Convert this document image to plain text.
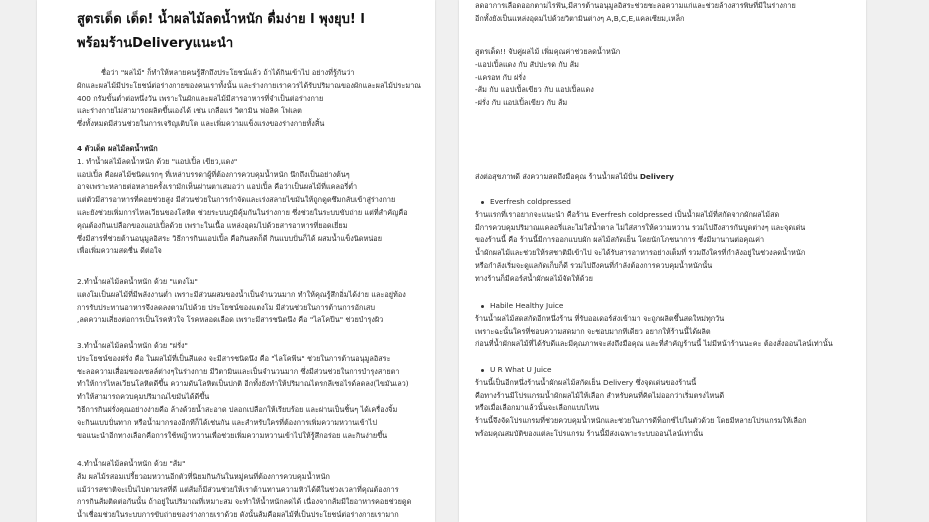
สูตรเด็ด เด็ด! น้ำผลไม้ลดน้ำหนัก ดื่มง่าย l พุงยุบ! l
พร้อมร้านDeliveryแนะนำ
ชื่อว่า "ผลไม้" ก็ทำให้หลายคนรู้สึกถึงประโยชน์แล้ว ถ้าได้กินเข้าไป อย่างที่รู้กันว่า
ผักและผลไม้มีประโยชน์ต่อร่างกายของคนเราทั้งนั้น และร่างกายเราควรได้รับปริมาณของผักและผลไม้ประมาณ
400 กรัมขั้นต่ำต่อหนึ่งวัน เพราะในผักและผลไม้มีสารอาหารที่จำเป็นต่อร่างกาย
และร่างกายไม่สามารถผลิตขึ้นเองได้ เช่น เกลือแร่ วิตามิน ฟอลิค โฟเลต
ซึ่งทั้งหมดมีส่วนช่วยในการเจริญเติบโต และเพิ่มความแข็งแรงของร่างกายทั้งสิ้น
4 ตัวเด็ด ผลไม้ลดน้ำหนัก
1. ทำน้ำผลไม้ลดน้ำหนัก ด้วย "แอปเปิ้ล เขียว,แดง"
แอปเปิ้ล คือผลไม้ชนิดแรกๆ ที่เหล่าบรรดาผู้ที่ต้องการควบคุมน้ำหนัก นึกถึงเป็นอย่างต้นๆ
อาจเพราะหลายต่อหลายครั้งเรามักเห็นผ่านตาเสมอว่า แอปเปิ้ล คือว่าเป็นผลไม้ที่แคลอรี่ต่ำ
แต่ตัวมีสารอาหารที่คอยช่วยสูง มีส่วนช่วยในการกำจัดและเร่งสลายไขมันให้ถูกดูดซึมกลับเข้าสู่ร่างกาย
และยังช่วยเพิ่มการไหลเวียนของโลหิต ช่วยระบบภูมิคุ้มกันในร่างกาย ซึ่งช่วยในระบบขับถ่าย แต่ที่สำคัญคือ
คุณต้องกินเปลือกของแอปเปิ้ลด้วย เพราะในเนื้อ แหล่งอุดมไปด้วยสารอาหารที่ยอดเยี่ยม
ซึ่งมีสารที่ช่วยต้านอนุมูลอิสระ วิธีการกินแอปเปิ้ล คือกินสดก็ดี กินแบบปั่นก็ได้ ผสมน้ำแข็งนิดหน่อย
เพื่อเพิ่มความสดชื่น ดีต่อใจ
2.ทำน้ำผลไม้ลดน้ำหนัก ด้วย "แตงโม"
แตงโมเป็นผลไม้ที่มีพลังงานต่ำ เพราะมีส่วนผสมของน้ำเป็นจำนวนมาก ทำให้คุณรู้สึกอิ่มได้ง่าย และอยู่ท้อง
การรับประทานอาหารจึงลดลงตามไปด้วย ประโยชน์ของแตงโม มีส่วนช่วยในการต้านการอักเสบ
,ลดความเสี่ยงต่อการเป็นโรคหัวใจ โรคหลอดเลือด เพราะมีสารชนิดนึง คือ "ไลโคปีน" ช่วยบำรุงผิว
3.ทำน้ำผลไม้ลดน้ำหนัก ด้วย "ฝรั่ง"
ประโยชน์ของฝรั่ง คือ ในผลไม้ที่เป็นสีแดง จะมีสารชนิดนึง คือ "ไลโคพีน" ช่วยในการต้านอนุมูลอิสระ
ชะลอความเสื่อมของเซลล์ต่างๆในร่างกาย มีวิตามินและเป็นจำนวนมาก ซึ่งมีส่วนช่วยในการบำรุงสายตา
ทำให้การไหลเวียนโลหิตดีขึ้น ความดันโลหิตเป็นปกติ อีกทั้งยังทำให้ปริมาณไตรกลีเซอไรด์ลดลง(ไขมันเลว)
ทำให้สามารถควบคุมปริมาณไขมันได้ดีขึ้น
วิธีการกินฝรั่งคุณอย่างง่ายคือ ล้างด้วยน้ำสะอาด ปลอกเปลือกให้เรียบร้อย และฝานเป็นชิ้นๆ ได้เครื่องจิ้ม
จะกินแบบปั่นทาก หรือน้ำมากรองอีกทีก็ได้เช่นกัน และสำหรับใครที่ต้องการเพิ่มความหวานเข้าไป
ขอแนะนำอีกทางเลือกคือการใช้หญ้าหวานเพื่อช่วยเพิ่มความหวานเข้าไปให้รู้สึกอร่อย และกินง่ายขึ้น
4.ทำน้ำผลไม้ลดน้ำหนัก ด้วย "ส้ม"
ส้ม ผลไม้รสอมเปรี้ยวอมหวานอีกตัวที่นิยมกินกันในหมู่คนที่ต้องการควบคุมน้ำหนัก
แม้ว่ารสชาติจะเป็นไปตามรสที่ดี แต่ส้มก็มีส่วนช่วยให้เราต้านทานความหิวได้ดีในช่วงเวลาที่คุณต้องการ
การกินส้มติดต่อกันนั้น ถ้าอยู่ในปริมาณที่เหมาะสม จะทำให้น้ำหนักลดได้ เนื่องจากส้มมีใยอาหารคอยช่วยดูด
น้ำเชื่อมช่วยในระบบการขับถ่ายของร่างกายเราด้วย ดังนั้นส้มคือผลไม้ที่เป็นประโยชน์ต่อร่างกายเรามาก
ลดอาการเลือดออกตามไรฟัน,มีสารต้านอนุมูลอิสระช่วยชะลอความแก่และช่วยล้างสารพิษที่มีในร่างกาย
อีกทั้งยังเป็นแหล่งอุดมไปด้วยวิตามินต่างๆ A,B,C,E,แคลเซียม,เหล็ก
สูตรเด็ด!! จับคู่ผลไม้ เพิ่มคุณค่าช่วยลดน้ำหนัก
-แอปเปิ้ลแดง กับ สัปปะรด กับ ส้ม
-แครอท กับ ฝรั่ง
-ส้ม กับ แอปเปิ้ลเขียว กับ แอปเปิ้ลแดง
-ฝรั่ง กับ แอปเปิ้ลเขียว กับ ส้ม
ส่งต่อสุขภาพดี ส่งความสดถึงมือคุณ ร้านน้ำผลไม้ปั่น Delivery
Everfresh coldpressed
ร้านแรกที่เราอยากจะแนะนำ คือร้าน Everfresh coldpressed เป็นน้ำผลไม้ที่สกัดจากผักผลไม้สด
มีการควบคุมปริมาณแคลอรี่และไม่ใส่น้ำตาล ไม่ใส่สารให้ความหวาน รวมไปถึงสารกันบูดต่างๆ และจุดเด่น
ของร้านนี้ คือ ร้านนี้มีการออกแบบผัก ผลไม้สกัดเย็น โดยนักโภชนาการ ซึ่งมีมานานต่อคุณค่า
น้ำผักผลไม้และช่วยให้รสชาติมีเข้าไป จะได้รับสารอาหารอย่างเต็มที่ รวมถึงใครที่กำลังอยู่ในช่วงลดน้ำหนัก
หรือกำลังเริ่มจะดูแลกัดเก็บก็ดี รวมไปถึงคนที่กำลังต้องการควบคุมน้ำหนักนั้น
ทางร้านก็มีคอร์สน้ำผักผลไม้จัดให้ด้วย
Habile Healthy Juice
ร้านน้ำผลไม้สดสกัดอีกหนึ่งร้าน ที่รับออเดอร์ส่งเข้ามา จะถูกผลิตขึ้นสดใหม่ทุกวัน
เพราะฉะนั้นใครที่ชอบความสดมาก จะชอบมากทีเดียว อยากให้ร้านนี้ได้ผลิต
ก่อนที่น้ำผักผลไม้ที่ได้รับดีและมีคุณภาพจะส่งถึงมือคุณ และที่สำคัญร้านนี้ ไม่มีหน้าร้านนะคะ ต้องสั่งออนไลน์เท่านั้น
U R What U Juice
ร้านนี้เป็นอีกหนึ่งร้านน้ำผักผลไม้สกัดเย็น Delivery ซึ่งจุดเด่นของร้านนี้
คือทางร้านมีโปรแกรมน้ำผักผลไม้ให้เลือก สำหรับคนที่คิดไม่ออกว่าเริ่มตรงไหนดี
หรือเมื่อเลือกมาแล้วนั้นจะเลือกแบบไหน
ร้านนี้จึงจัดโปรแกรมที่ช่วยควบคุมน้ำหนักและช่วยในการดีท็อกซ์ไปในตัวด้วย โดยมีหลายโปรแกรมให้เลือก
พร้อมคุณสมบัติของแต่ละโปรแกรม ร้านนี้มีส่งเฉพาะระบบออนไลน์เท่านั้น
